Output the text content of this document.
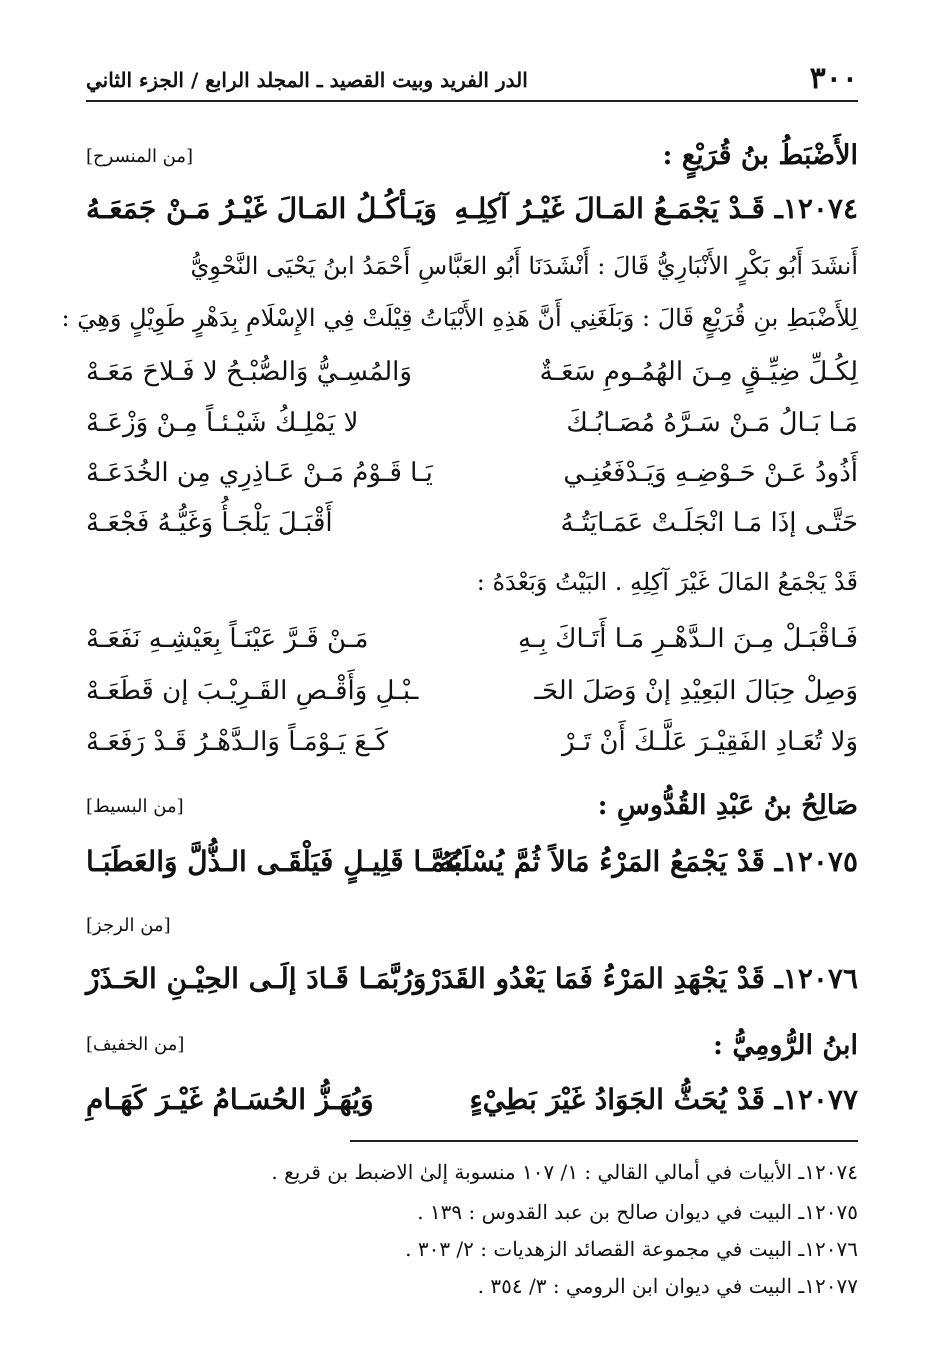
٣٠٠
الدر الفريد وبيت القصيد ـ المجلد الرابع / الجزء الثاني
الأَضْبَطُ بنُ قُرَيْعٍ :
[من المنسرح]
١٢٠٧٤ـ قَـدْ يَجْمَـعُ المَـالَ غَيْـرُ آكِلِـهِ
وَيَـأكُـلُ المَـالَ غَيْـرُ مَـنْ جَمَعَـهُ
أَنشَدَ أَبُو بَكْرٍ الأَنْبَارِيُّ قَالَ : أَنْشَدَنَا أَبُو العَبَّاسِ أَحْمَدُ ابنُ يَحْيَى النَّحْوِيُّ
لِلأَضْبَطِ بنِ قُرَيْعٍ قَالَ : وَبَلَغَنِي أَنَّ هَذِهِ الأَبْيَاتُ قِيْلَتْ فِي الإِسْلَامِ بِدَهْرٍ طَوِيْلٍ وَهِيَ :
لِكُـلِّ ضِيِّـقٍ مِـنَ الهُمُـومِ سَعَـةٌ
وَالمُسِـيُّ وَالصُّبْـحُ لا فَـلاحَ مَعَـهْ
مَـا بَـالُ مَـنْ سَـرَّهُ مُصَـابُـكَ
لا يَمْلِـكُ شَيْـئـاً مِـنْ وَزْعَـهْ
أَذُودُ عَـنْ حَـوْضِـهِ وَيَـدْفَعُنِـي
يَـا قَـوْمُ مَـنْ عَـاذِرِي مِن الخُدَعَـهْ
حَتَّـى إذَا مَـا انْجَلَـتْ عَمَـايَتُـهُ
أَقْبَـلَ يَلْجَـأُ وَغَيُّـهُ فَجْعَـهْ
قَدْ يَجْمَعُ المَالَ غَيْرَ آكِلِهِ . البَيْتُ وَبَعْدَهُ :
فَـاقْبَـلْ مِـنَ الـدَّهْـرِ مَـا أَتَـاكَ بِـهِ
مَـنْ قَـرَّ عَيْنَـاً بِعَيْشِـهِ نَفَعَـهْ
وَصِلْ حِبَالَ البَعِيْدِ إنْ وَصَلَ الحَـ
ـبْـلِ وَأَقْـصِ القَـرِيْـبَ إن قَطَعَـهْ
وَلا تُعَـادِ الفَقِيْـرَ عَلَّـكَ أَنْ تَـرْ
كَـعَ يَـوْمَـاً وَالـدَّهْـرُ قَـدْ رَفَعَـهْ
صَالِحُ بنُ عَبْدِ القُدُّوسِ :
[من البسيط]
١٢٠٧٥ـ قَدْ يَجْمَعُ المَرْءُ مَالاً ثُمَّ يُسْلَبُهُ
عَمَّـا قَلِيـلٍ فَيَلْقَـى الـذُّلَّ وَالعَطَبَـا
[من الرجز]
١٢٠٧٦ـ قَدْ يَجْهَدِ المَرْءُ فَمَا يَعْدُو القَدَرْ
وَرُبَّمَـا قَـادَ إلَـى الحِيْـنِ الحَـذَرْ
ابنُ الرُّومِيُّ :
[من الخفيف]
١٢٠٧٧ـ قَدْ يُحَثُّ الجَوَادُ غَيْرَ بَطِيْءٍ
وَيُهَـزُّ الحُسَـامُ غَيْـرَ كَهَـامِ
١٢٠٧٤ـ الأبيات في أمالي القالي : ١/ ١٠٧ منسوبة إلىٰ الاضبط بن قريع .
١٢٠٧٥ـ البيت في ديوان صالح بن عبد القدوس : ١٣٩ .
١٢٠٧٦ـ البيت في مجموعة القصائد الزهديات : ٢/ ٣٠٣ .
١٢٠٧٧ـ البيت في ديوان ابن الرومي : ٣/ ٣٥٤ .
